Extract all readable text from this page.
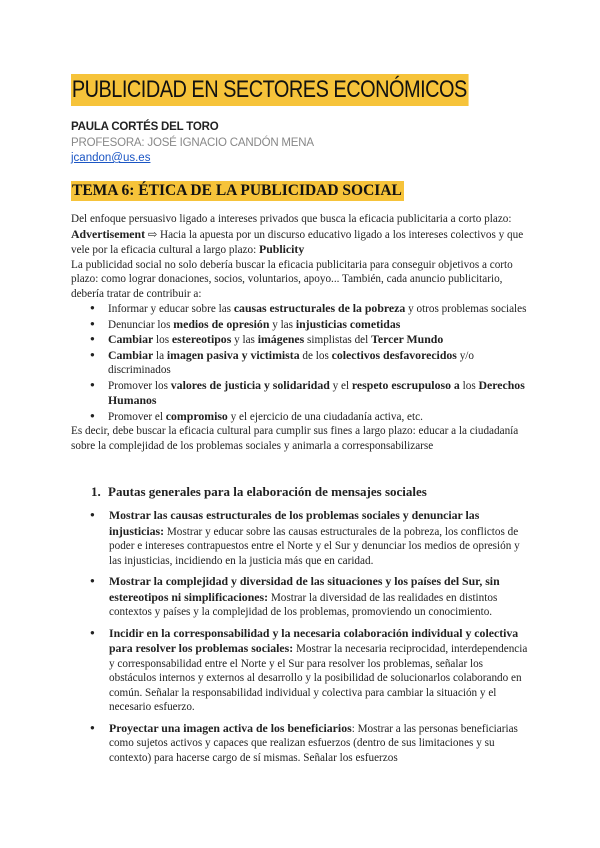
PUBLICIDAD EN SECTORES ECONÓMICOS
PAULA CORTÉS DEL TORO
PROFESORA: JOSÉ IGNACIO CANDÓN MENA
jcandon@us.es
TEMA 6: ÉTICA DE LA PUBLICIDAD SOCIAL

Del enfoque persuasivo ligado a intereses privados que busca la eficacia publicitaria a corto plazo: Advertisement ⇨ Hacia la apuesta por un discurso educativo ligado a los intereses colectivos y que vele por la eficacia cultural a largo plazo: Publicity

La publicidad social no solo debería buscar la eficacia publicitaria para conseguir objetivos a corto plazo: como lograr donaciones, socios, voluntarios, apoyo... También, cada anuncio publicitario, debería tratar de contribuir a:

● Informar y educar sobre las causas estructurales de la pobreza y otros problemas sociales
● Denunciar los medios de opresión y las injusticias cometidas
● Cambiar los estereotipos y las imágenes simplistas del Tercer Mundo
● Cambiar la imagen pasiva y victimista de los colectivos desfavorecidos y/o discriminados
● Promover los valores de justicia y solidaridad y el respeto escrupuloso a los Derechos Humanos
● Promover el compromiso y el ejercicio de una ciudadanía activa, etc.

Es decir, debe buscar la eficacia cultural para cumplir sus fines a largo plazo: educar a la ciudadanía sobre la complejidad de los problemas sociales y animarla a corresponsabilizarse

1. Pautas generales para la elaboración de mensajes sociales
● Mostrar las causas estructurales de los problemas sociales y denunciar las injusticias: Mostrar y educar sobre las causas estructurales de la pobreza, los conflictos de poder e intereses contrapuestos entre el Norte y el Sur y denunciar los medios de opresión y las injusticias, incidiendo en la justicia más que en caridad.
● Mostrar la complejidad y diversidad de las situaciones y los países del Sur, sin estereotipos ni simplificaciones: Mostrar la diversidad de las realidades en distintos contextos y países y la complejidad de los problemas, promoviendo un conocimiento.
● Incidir en la corresponsabilidad y la necesaria colaboración individual y colectiva para resolver los problemas sociales: Mostrar la necesaria reciprocidad, interdependencia y corresponsabilidad entre el Norte y el Sur para resolver los problemas, señalar los obstáculos internos y externos al desarrollo y la posibilidad de solucionarlos colaborando en común. Señalar la responsabilidad individual y colectiva para cambiar la situación y el necesario esfuerzo.
● Proyectar una imagen activa de los beneficiarios: Mostrar a las personas beneficiarias como sujetos activos y capaces que realizan esfuerzos (dentro de sus limitaciones y su contexto) para hacerse cargo de sí mismas. Señalar los esfuerzos
